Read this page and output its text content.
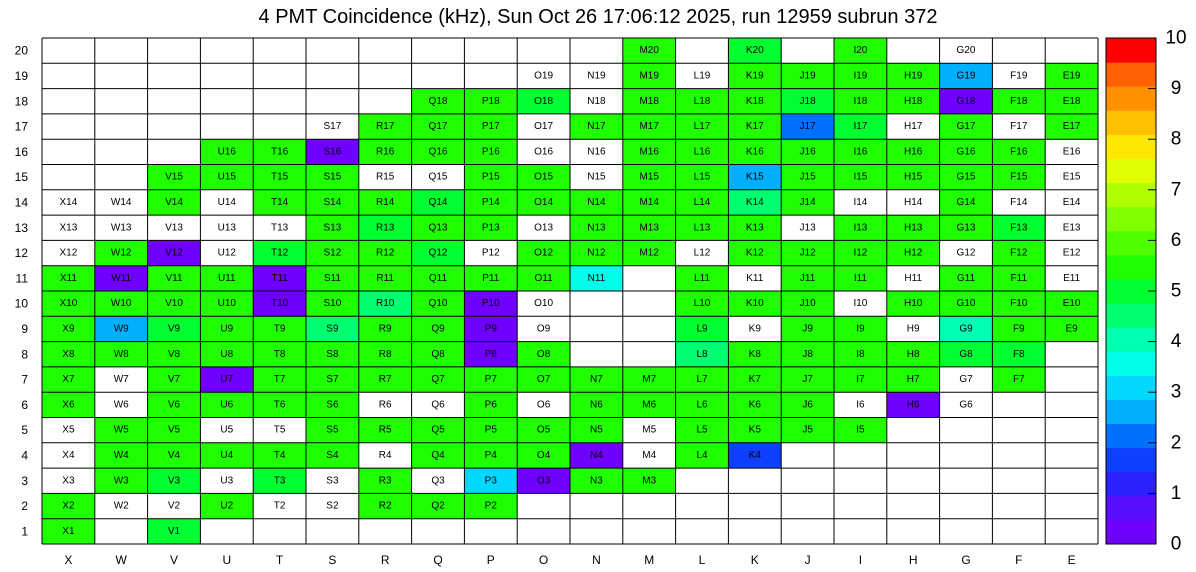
4 PMT Coincidence (kHz), Sun Oct 26 17:06:12 2025, run 12959 subrun 372
X1	V1
X2	W2	V2	U2	T2	S2	R2	Q2	P2
X3	W3	V3	U3	T3	S3	R3	Q3	P3	O3	N3	M3
X4	W4	V4	U4	T4	S4	R4	Q4	P4	O4	N4	M4	L4	K4
X5	W5	V5	U5	T5	S5	R5	Q5	P5	O5	N5	M5	L5	K5	J5	I5
X6	W6	V6	U6	T6	S6	R6	Q6	P6	O6	N6	M6	L6	K6	J6	I6	H6	G6
X7	W7	V7	U7	T7	S7	R7	Q7	P7	O7	N7	M7	L7	K7	J7	I7	H7	G7	F7
X8	W8	V8	U8	T8	S8	R8	Q8	P8	O8	L8	K8	J8	I8	H8	G8	F8
X9	W9	V9	U9	T9	S9	R9	Q9	P9	O9	L9	K9	J9	I9	H9	G9	F9	E9
X10	W10	V10	U10	T10	S10	R10	Q10	P10	O10	L10	K10	J10	I10	H10	G10	F10	E10
X11	W11	V11	U11	T11	S11	R11	Q11	P11	O11	N11	L11	K11	J11	I11	H11	G11	F11	E11
X12	W12	V12	U12	T12	S12	R12	Q12	P12	O12	N12	M12	L12	K12	J12	I12	H12	G12	F12	E12
X13	W13	V13	U13	T13	S13	R13	Q13	P13	O13	N13	M13	L13	K13	J13	I13	H13	G13	F13	E13
X14	W14	V14	U14	T14	S14	R14	Q14	P14	O14	N14	M14	L14	K14	J14	I14	H14	G14	F14	E14
V15	U15	T15	S15	R15	Q15	P15	O15	N15	M15	L15	K15	J15	I15	H15	G15	F15	E15
U16	T16	S16	R16	Q16	P16	O16	N16	M16	L16	K16	J16	I16	H16	G16	F16	E16
S17	R17	Q17	P17	O17	N17	M17	L17	K17	J17	I17	H17	G17	F17	E17
Q18	P18	O18	N18	M18	L18	K18	J18	I18	H18	G18	F18	E18
O19	N19	M19	L19	K19	J19	I19	H19	G19	F19	E19
M20	K20	I20	G20
X	W	V	U	T	S	R	Q	P	O	N	M	L	K	J	I	H	G	F	E
1
2
3
4
5
6
7
8
9
10
11
12
13
14
15
16
17
18
19
20
0
1
2
3
4
5
6
7
8
9
10
